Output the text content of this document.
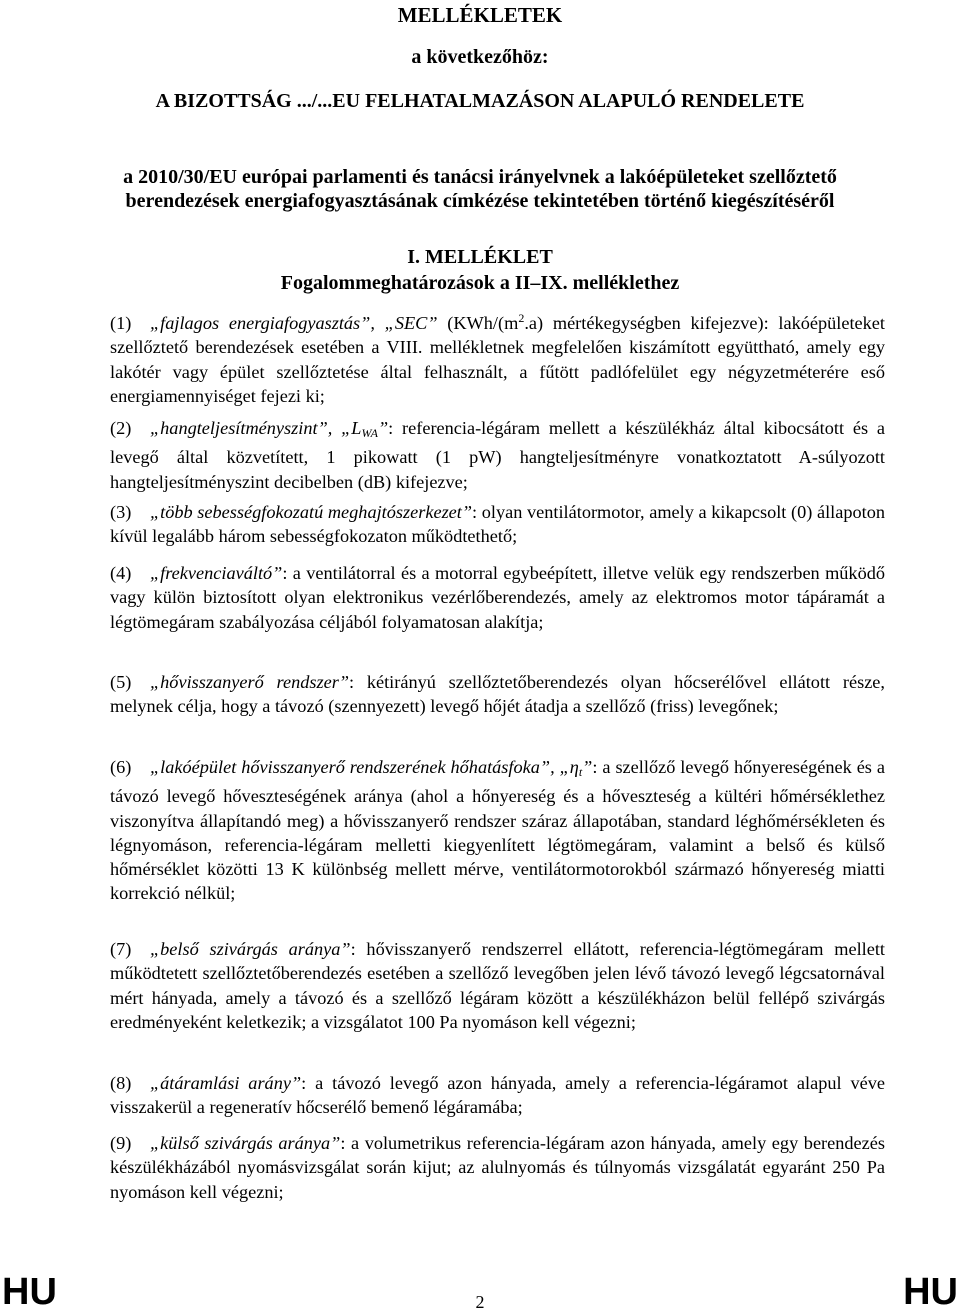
MELLÉKLETEK

a következőhöz:

A BIZOTTSÁG .../...EU FELHATALMAZÁSON ALAPULÓ RENDELETE

a 2010/30/EU európai parlamenti és tanácsi irányelvnek a lakóépületeket szellőztető

berendezések energiafogyasztásának címkézése tekintetében történő kiegészítéséről

I. MELLÉKLET

Fogalommeghatározások a II–IX. melléklethez

(1) „fajlagos energiafogyasztás”, „SEC” ($KWh/(m^2.a)$ mértékegységben kifejezve): lakóépületeket szellőztető berendezések esetében a VIII. mellékletnek megfelelően kiszámított együttható, amely egy lakótér vagy épület szellőztetése által felhasznált, a fűtött padlófelület egy négyzetméterére eső energiamennyiséget fejezi ki;

(2) „hangteljesítményszint”, $„L_{WA}$”: referencia-légáram mellett a készülékház által kibocsátott és a levegő által közvetített, 1 pikowatt (1 pW) hangteljesítményre vonatkoztatott A-súlyozott hangteljesítményszint decibelben (dB) kifejezve;

(3) „több sebességfokozatú meghajtószerkezet”: olyan ventilátormotor, amely a kikapcsolt (0) állapoton kívül legalább három sebességfokozaton működtethető;

(4) „frekvenciaváltó”: a ventilátorral és a motorral egybeépített, illetve velük egy rendszerben működő vagy külön biztosított olyan elektronikus vezérlőberendezés, amely az elektromos motor tápáramát a légtömegáram szabályozása céljából folyamatosan alakítja;

(5) „hővisszanyerő rendszer”: kétirányú szellőztetőberendezés olyan hőcserélővel ellátott része, melynek célja, hogy a távozó (szennyezett) levegő hőjét átadja a szellőző (friss) levegőnek;

(6) „lakóépület hővisszanyerő rendszerének hőhatásfoka”, $„\eta_t$”: a szellőző levegő hőnyereségének és a távozó levegő hőveszteségének aránya (ahol a hőnyereség és a hőveszteség a kültéri hőmérséklethez viszonyítva állapítandó meg) a hővisszanyerő rendszer száraz állapotában, standard léghőmérsékleten és légnyomáson, referencia-légáram melletti kiegyenlített légtömegáram, valamint a belső és külső hőmérséklet közötti 13 K különbség mellett mérve, ventilátormotorokból származó hőnyereség miatti korrekció nélkül;

(7) „belső szivárgás aránya”: hővisszanyerő rendszerrel ellátott, referencia-légtömegáram mellett működtetett szellőztetőberendezés esetében a szellőző levegőben jelen lévő távozó levegő légcsatornával mért hányada, amely a távozó és a szellőző légáram között a készülékházon belül fellépő szivárgás eredményeként keletkezik; a vizsgálatot 100 Pa nyomáson kell végezni;

(8) „átáramlási arány”: a távozó levegő azon hányada, amely a referencia-légáramot alapul véve visszakerül a regeneratív hőcserélő bemenő légáramába;

(9) „külső szivárgás aránya”: a volumetrikus referencia-légáram azon hányada, amely egy berendezés készülékházából nyomásvizsgálat során kijut; az alulnyomás és túlnyomás vizsgálatát egyaránt 250 Pa nyomáson kell végezni;

HU	2	HU
